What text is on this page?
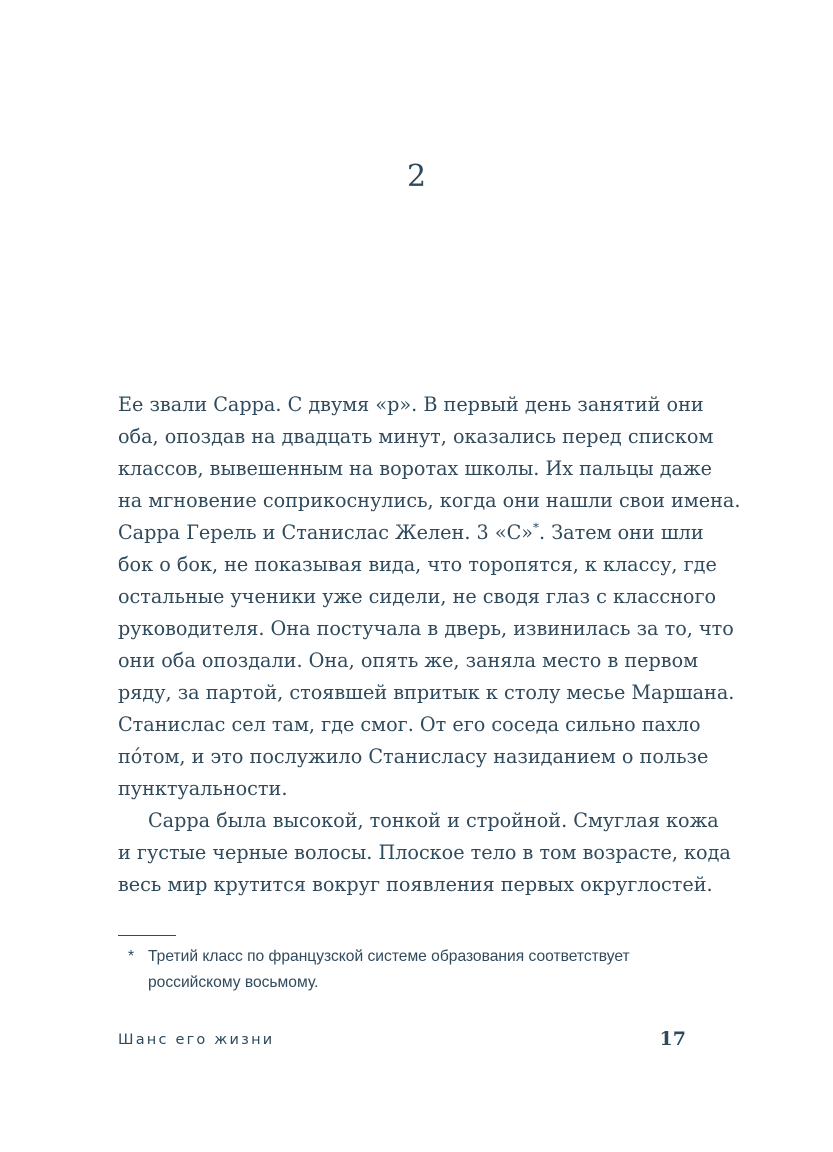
2
Ее звали Сарра. С двумя «р». В первый день занятий они
оба, опоздав на двадцать минут, оказались перед списком
классов, вывешенным на воротах школы. Их пальцы даже
на мгновение соприкоснулись, когда они нашли свои имена.
Сарра Герель и Станислас Желен. 3 «С»*. Затем они шли
бок о бок, не показывая вида, что торопятся, к классу, где
остальные ученики уже сидели, не сводя глаз с классного
руководителя. Она постучала в дверь, извинилась за то, что
они оба опоздали. Она, опять же, заняла место в первом
ряду, за партой, стоявшей впритык к столу месье Маршана.
Станислас сел там, где смог. От его соседа сильно пахло
пóтом, и это послужило Станисласу назиданием о пользе
пунктуальности.
Сарра была высокой, тонкой и стройной. Смуглая кожа
и густые черные волосы. Плоское тело в том возрасте, кода
весь мир крутится вокруг появления первых округлостей.
* Третий класс по французской системе образования соответствует
российскому восьмому.
Шанс его жизни	17
